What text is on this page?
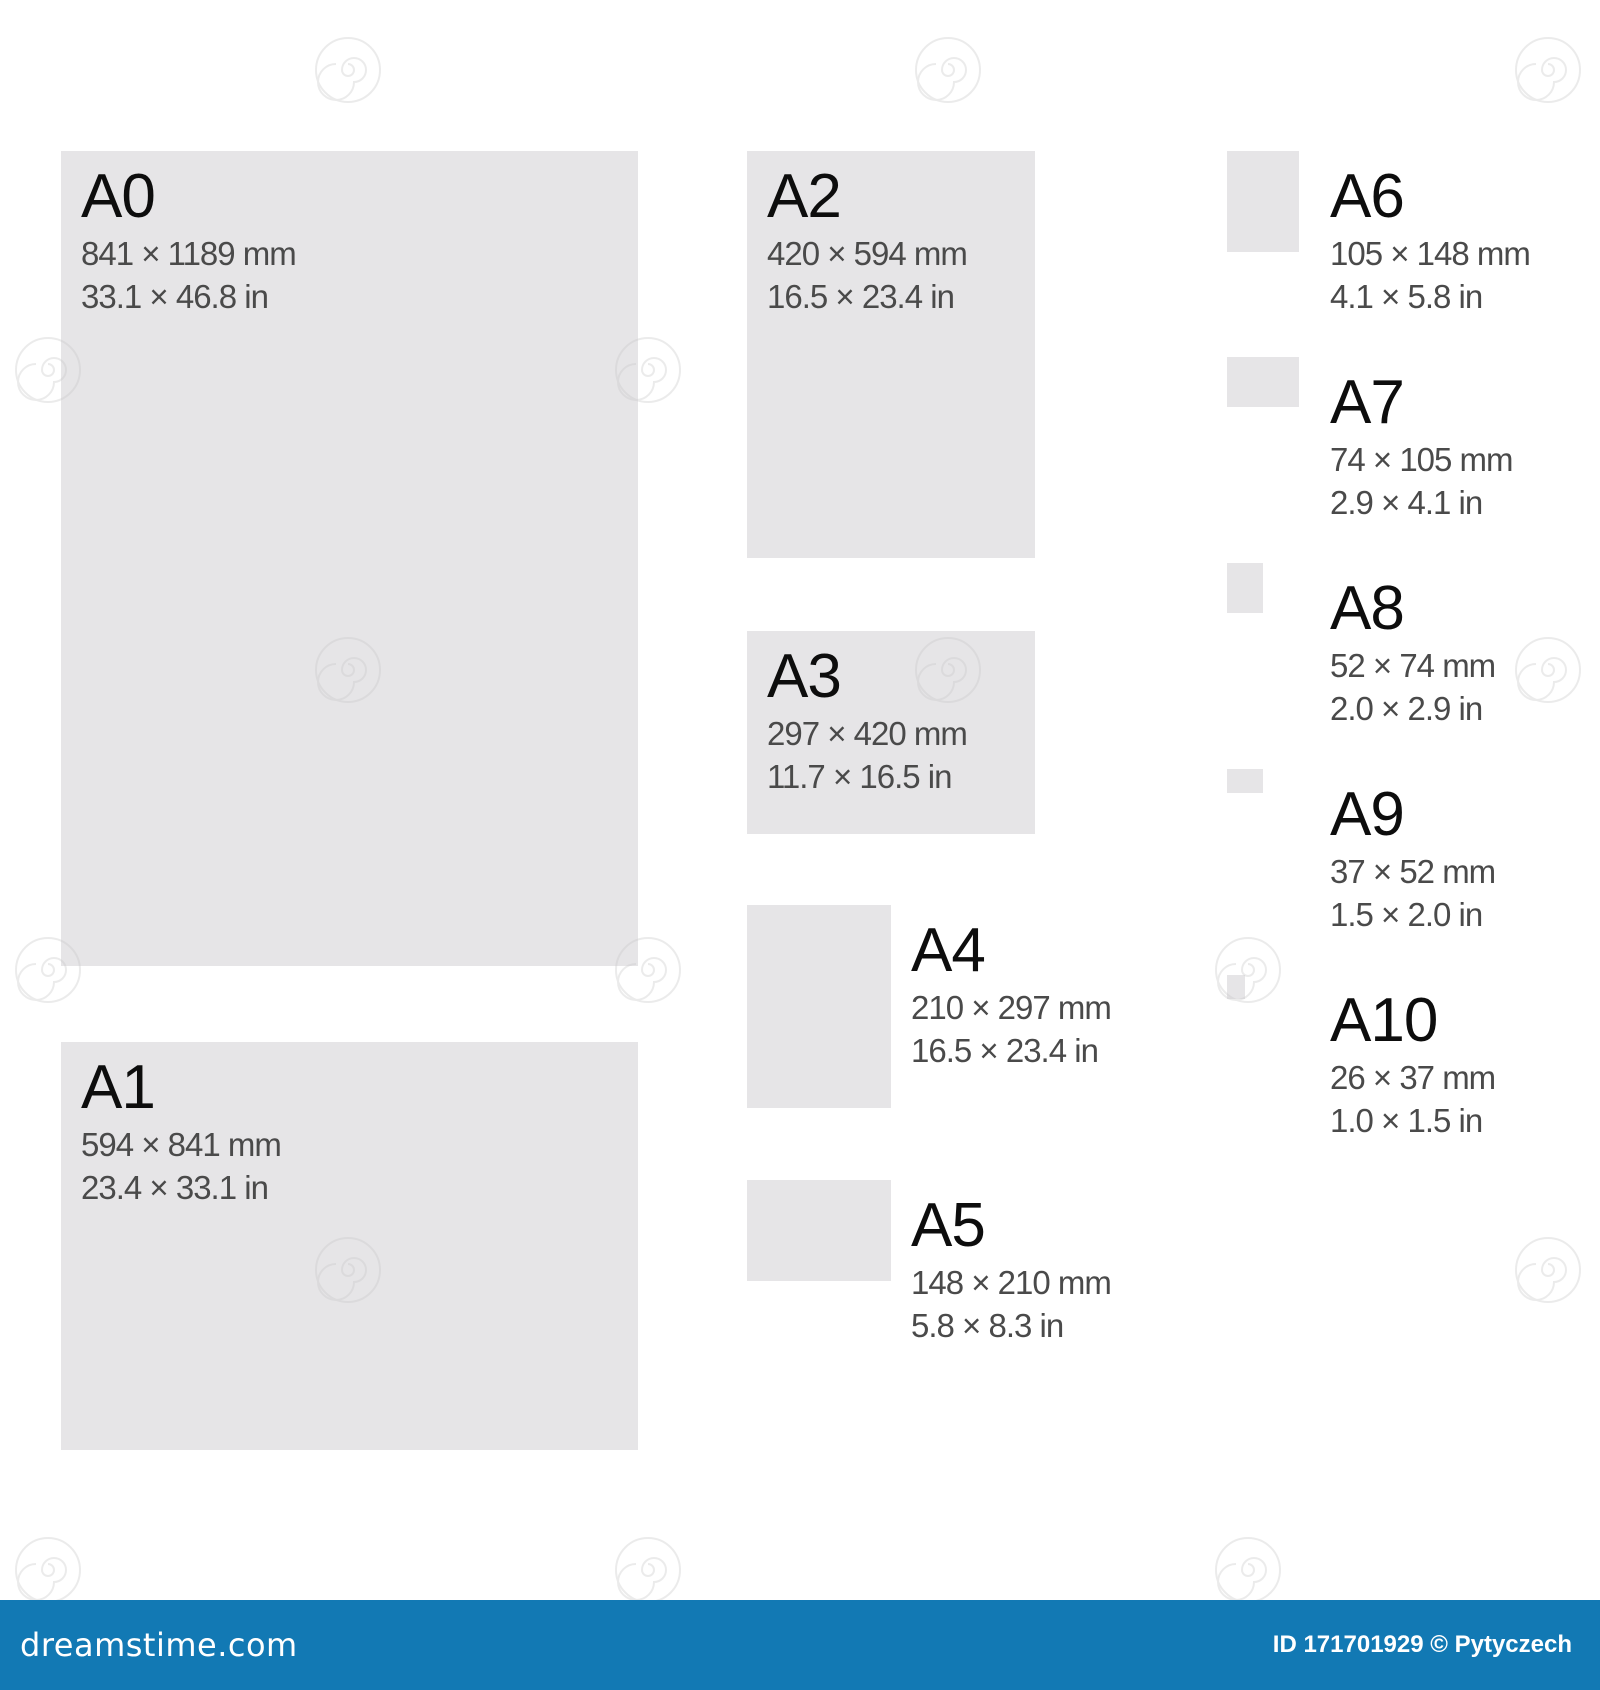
A0
841 × 1189 mm
33.1 × 46.8 in
A1
594 × 841 mm
23.4 × 33.1 in
A2
420 × 594 mm
16.5 × 23.4 in
A3
297 × 420 mm
11.7 × 16.5 in
A4
210 × 297 mm
16.5 × 23.4 in
A5
148 × 210 mm
5.8 × 8.3 in
A6
105 × 148 mm
4.1 × 5.8 in
A7
74 × 105 mm
2.9 × 4.1 in
A8
52 × 74 mm
2.0 × 2.9 in
A9
37 × 52 mm
1.5 × 2.0 in
A10
26 × 37 mm
1.0 × 1.5 in
dreamstime.com	ID 171701929 © Pytyczech
